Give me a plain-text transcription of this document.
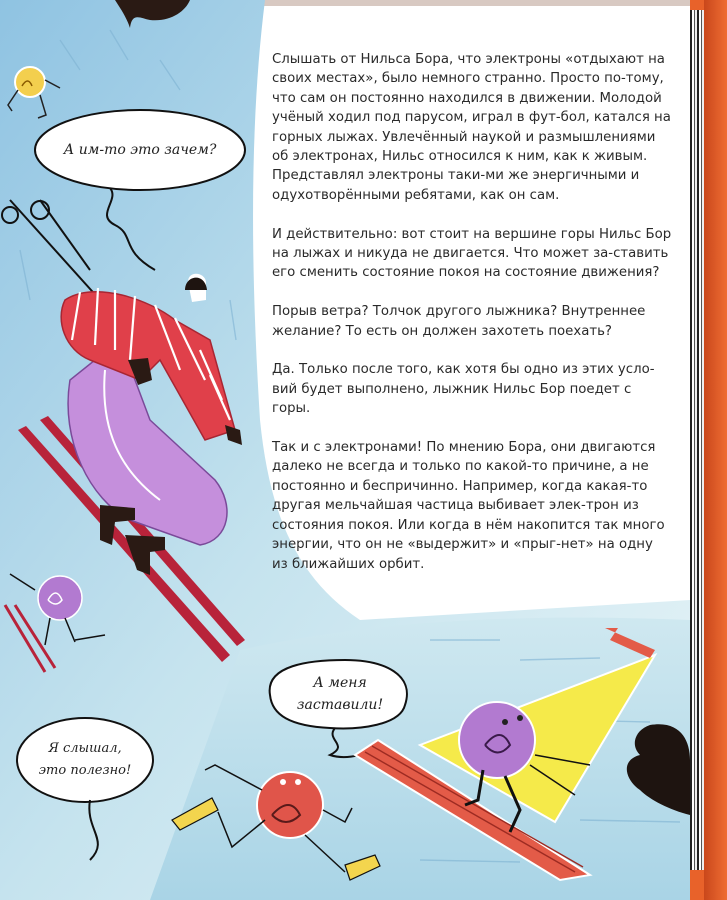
А им-то это зачем?
А меня
заставили!
Я слышал,
это полезно!

Слышать от Нильса Бора, что электроны «отдыхают на своих местах», было немного странно. Просто по-тому, что сам он постоянно находился в движении. Молодой учёный ходил под парусом, играл в фут-бол, катался на горных лыжах. Увлечённый наукой и размышлениями об электронах, Нильс относился к ним, как к живым. Представлял электроны таки-ми же энергичными и одухотворёнными ребятами, как он сам.

И действительно: вот стоит на вершине горы Нильс Бор на лыжах и никуда не двигается. Что может за-ставить его сменить состояние покоя на состояние движения?

Порыв ветра? Толчок другого лыжника? Внутреннее желание? То есть он должен захотеть поехать?

Да. Только после того, как хотя бы одно из этих усло-вий будет выполнено, лыжник Нильс Бор поедет с горы.

Так и с электронами! По мнению Бора, они двигаются далеко не всегда и только по какой-то причине, а не постоянно и беспричинно. Например, когда какая-то другая мельчайшая частица выбивает элек-трон из состояния покоя. Или когда в нём накопится так много энергии, что он не «выдержит» и «прыг-нет» на одну из ближайших орбит.
